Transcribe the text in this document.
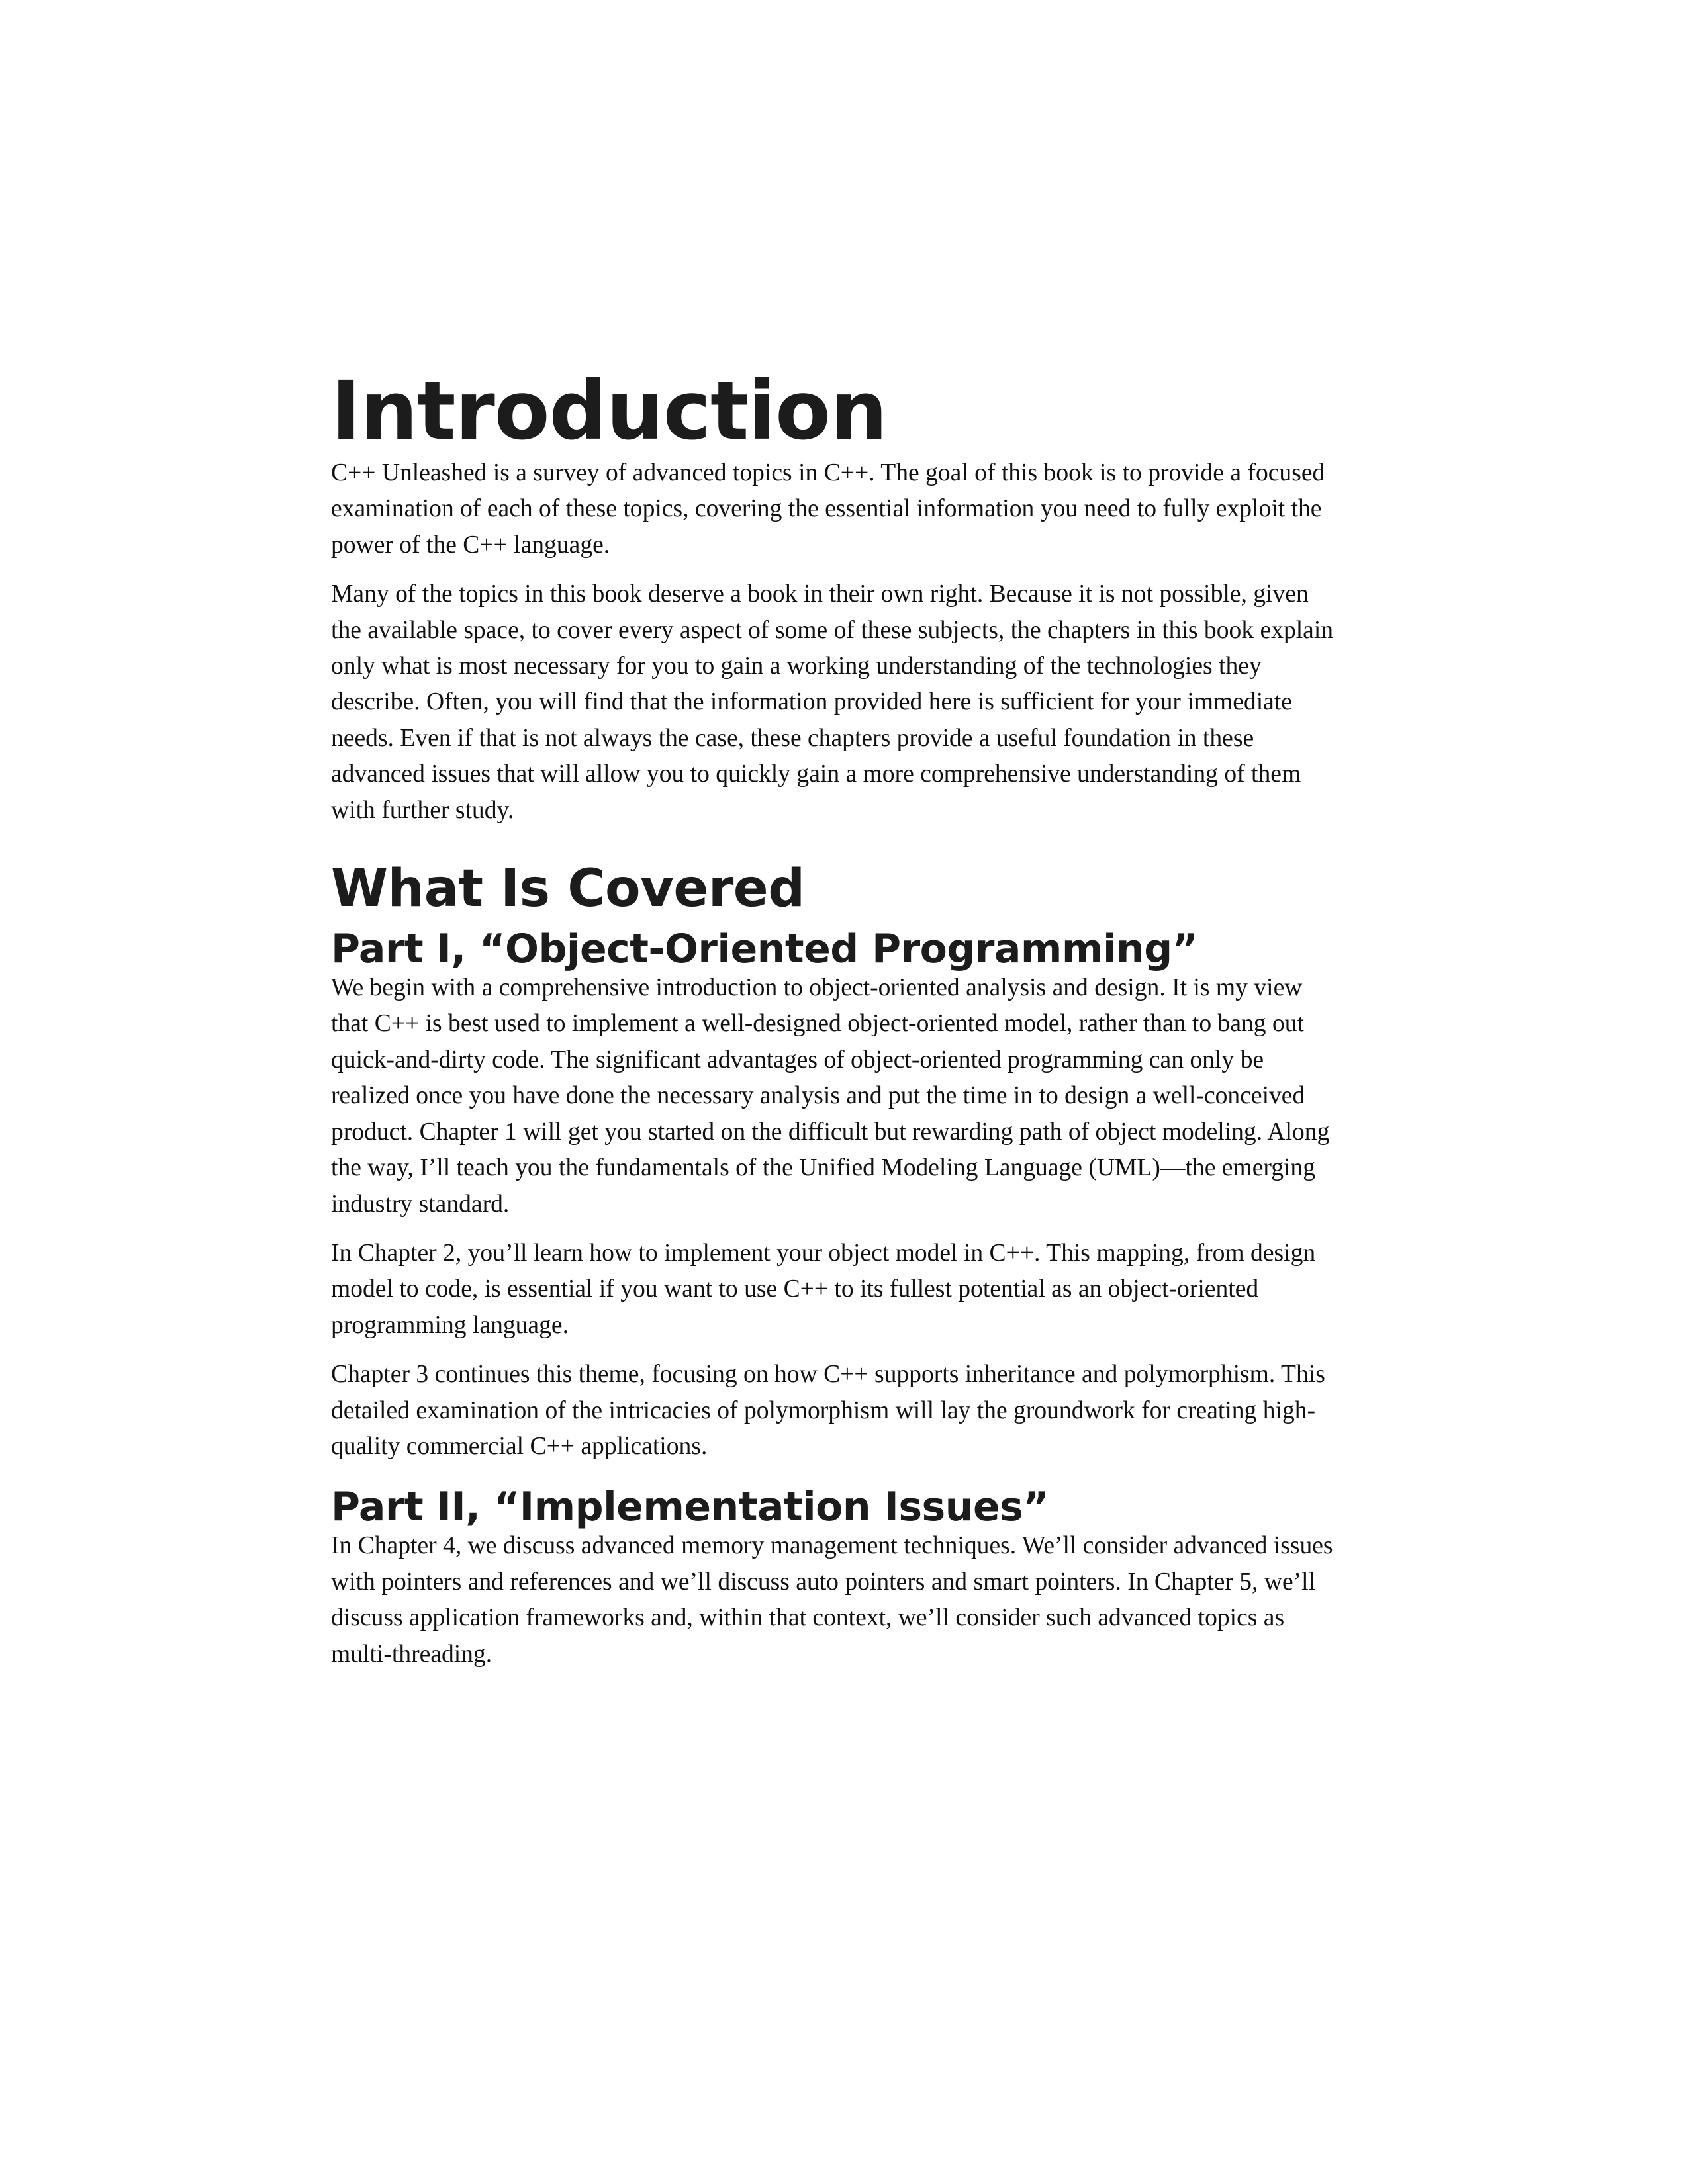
Introduction

C++ Unleashed is a survey of advanced topics in C++. The goal of this book is to provide a focused examination of each of these topics, covering the essential information you need to fully exploit the power of the C++ language.

Many of the topics in this book deserve a book in their own right. Because it is not possible, given the available space, to cover every aspect of some of these subjects, the chapters in this book explain only what is most necessary for you to gain a working understanding of the technologies they describe. Often, you will find that the information provided here is sufficient for your immediate needs. Even if that is not always the case, these chapters provide a useful foundation in these advanced issues that will allow you to quickly gain a more comprehensive understanding of them with further study.

What Is Covered
Part I, “Object-Oriented Programming”

We begin with a comprehensive introduction to object-oriented analysis and design. It is my view that C++ is best used to implement a well-designed object-oriented model, rather than to bang out quick-and-dirty code. The significant advantages of object-oriented programming can only be realized once you have done the necessary analysis and put the time in to design a well-conceived product. Chapter 1 will get you started on the difficult but rewarding path of object modeling. Along the way, I’ll teach you the fundamentals of the Unified Modeling Language (UML)—the emerging industry standard.

In Chapter 2, you’ll learn how to implement your object model in C++. This mapping, from design model to code, is essential if you want to use C++ to its fullest potential as an object-oriented programming language.

Chapter 3 continues this theme, focusing on how C++ supports inheritance and polymorphism. This detailed examination of the intricacies of polymorphism will lay the groundwork for creating high-quality commercial C++ applications.

Part II, “Implementation Issues”

In Chapter 4, we discuss advanced memory management techniques. We’ll consider advanced issues with pointers and references and we’ll discuss auto pointers and smart pointers. In Chapter 5, we’ll discuss application frameworks and, within that context, we’ll consider such advanced topics as multi-threading.
